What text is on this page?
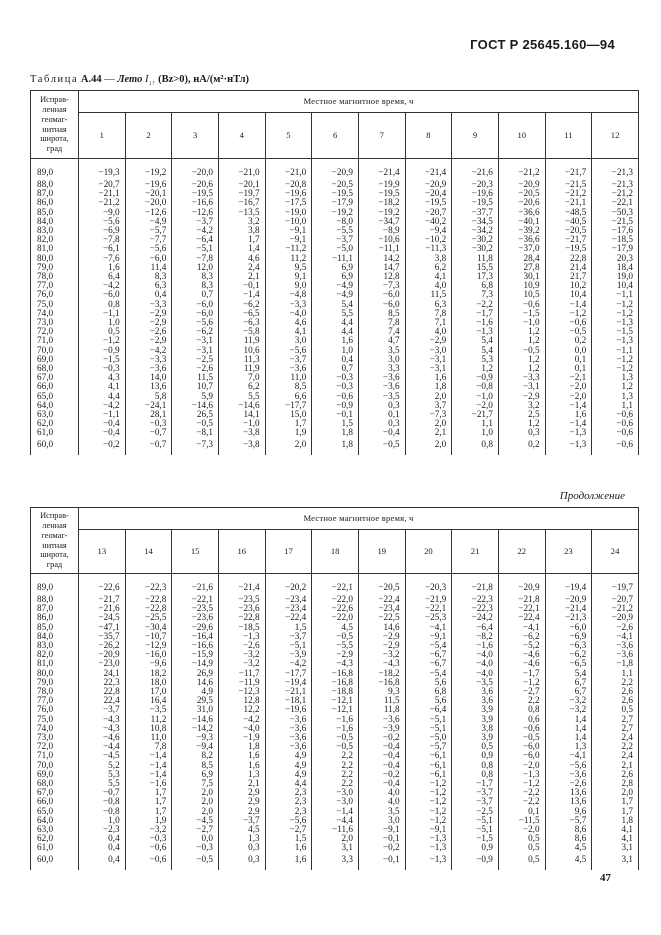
ГОСТ Р 25645.160—94
Таблица А.44 — Лето $I_{↓↑}$ (Bz>0), нА/(м²·нТл)
Исправ-ленная геомаг-нитная широта, град	Местное магнитное время, ч											
	1	2	3	4	5	6	7	8	9	10	11	12
89,0	−19,3	−19,2	−20,0	−21,0	−21,0	−20,9	−21,4	−21,4	−21,6	−21,2	−21,7	−21,3
88,0	−20,7	−19,6	−20,6	−20,1	−20,8	−20,5	−19,9	−20,9	−20,3	−20,9	−21,5	−21,3
87,0	−21,1	−20,1	−19,5	−19,7	−19,6	−19,5	−19,5	−20,4	−19,6	−20,5	−21,2	−21,2
86,0	−21,2	−20,0	−16,6	−16,7	−17,5	−17,9	−18,2	−19,5	−19,5	−20,6	−21,1	−22,1
85,0	−9,0	−12,6	−12,6	−13,5	−19,0	−19,2	−19,2	−20,7	−37,7	−36,6	−48,5	−50,3
84,0	−5,6	−4,9	−3,7	3,2	−10,0	−8,0	−34,7	−40,2	−34,5	−40,1	−40,5	−21,5
83,0	−6,9	−5,7	−4,2	3,8	−9,1	−5,5	−8,9	−9,4	−34,2	−39,2	−20,5	−17,6
82,0	−7,8	−7,7	−6,4	1,7	−9,1	−3,7	−10,6	−10,2	−30,2	−36,6	−21,7	−18,5
81,0	−6,1	−5,6	−5,1	1,4	−11,2	−5,0	−11,1	−11,3	−30,2	−37,0	−19,5	−17,9
80,0	−7,6	−6,0	−7,8	4,6	11,2	−11,1	14,2	3,8	11,8	28,4	22,8	20,3
79,0	1,6	11,4	12,0	2,4	9,5	6,9	14,7	6,2	15,5	27,8	21,4	18,4
78,0	6,4	8,3	8,3	2,1	9,1	6,9	12,8	4,1	17,3	30,1	21,7	19,0
77,0	−4,2	6,3	8,3	−0,1	9,0	−4,9	−7,3	4,0	6,8	10,9	10,2	10,4
76,0	−6,0	0,4	0,7	−1,4	−4,8	−4,9	−6,0	11,5	7,3	10,5	10,4	−1,1
75,0	0,8	−3,3	−6,0	−6,2	−3,3	5,4	−6,0	6,3	−2,2	−0,6	−1,4	−1,2
74,0	−1,1	−2,9	−6,0	−6,5	−4,0	5,5	8,5	7,8	−1,7	−1,5	−1,2	−1,2
73,0	1,0	−2,9	−5,6	−6,3	4,6	4,4	7,8	7,1	−1,6	−1,0	−0,6	−1,3
72,0	0,5	−2,6	−6,2	−5,8	4,1	4,4	7,4	4,0	−1,3	1,2	−0,5	−1,5
71,0	−1,2	−2,9	−3,1	11,9	3,0	1,6	4,7	−2,9	5,4	1,2	0,2	−1,3
70,0	−0,9	−4,2	−3,1	10,6	−5,6	1,0	3,5	−3,0	5,4	−0,5	0,0	−1,1
69,0	−1,5	−3,3	−2,5	11,3	−3,7	0,4	3,0	−3,1	5,3	1,2	0,1	−1,2
68,0	−0,3	−3,6	−2,6	11,9	−3,6	0,7	3,3	−3,1	1,2	1,2	0,1	−1,2
67,0	4,3	14,0	11,5	7,0	11,0	−0,3	−3,6	1,6	−0,9	−3,3	−2,1	1,3
66,0	4,1	13,6	10,7	6,2	8,5	−0,3	−3,6	1,8	−0,8	−3,1	−2,0	1,2
65,0	4,4	5,8	5,9	5,5	6,6	−0,6	−3,5	2,0	−1,0	−2,9	−2,0	1,3
64,0	−4,2	−24,1	−14,6	−14,6	−17,7	−0,9	0,3	3,7	−2,0	3,2	−1,4	1,1
63,0	−1,1	28,1	26,5	14,1	15,0	−0,1	0,1	−7,3	−21,7	2,5	1,6	−0,6
62,0	−0,4	−0,3	−0,5	−1,0	1,7	1,5	0,3	2,0	1,1	1,2	−1,4	−0,6
61,0	−0,4	−0,7	−8,1	−3,8	1,9	1,8	−0,4	2,1	1,0	0,3	−1,3	−0,6
60,0	−0,2	−0,7	−7,3	−3,8	2,0	1,8	−0,5	2,0	0,8	0,2	−1,3	−0,6
Продолжение
Исправ-ленная геомаг-нитная широта, град	Местное магнитное время, ч											
	13	14	15	16	17	18	19	20	21	22	23	24
89,0	−22,6	−22,3	−21,6	−21,4	−20,2	−22,1	−20,5	−20,3	−21,8	−20,9	−19,4	−19,7
88,0	−21,7	−22,8	−22,1	−23,5	−23,4	−22,0	−22,4	−21,9	−22,3	−21,8	−20,9	−20,7
87,0	−21,6	−22,8	−23,5	−23,6	−23,4	−22,6	−23,4	−22,1	−22,3	−22,1	−21,4	−21,2
86,0	−24,5	−25,5	−23,6	−22,8	−22,4	−22,0	−22,5	−25,3	−24,2	−22,4	−21,3	−20,9
85,0	−47,1	−30,4	−29,6	−18,5	1,5	4,5	14,6	−4,1	−6,4	−4,1	−6,0	−2,6
84,0	−35,7	−10,7	−16,4	−1,3	−3,7	−0,5	−2,9	−9,1	−8,2	−6,2	−6,9	−4,1
83,0	−26,2	−12,9	−16,6	−2,6	−5,1	−5,5	−2,9	−5,4	−1,6	−5,2	−6,3	−3,6
82,0	−20,9	−16,0	−15,9	−3,2	−3,9	−2,9	−3,2	−6,7	−4,0	−4,6	−6,2	−3,6
81,0	−23,0	−9,6	−14,9	−3,2	−4,2	−4,3	−4,3	−6,7	−4,0	−4,6	−6,5	−1,8
80,0	24,1	18,2	26,9	−11,7	−17,7	−16,8	−18,2	−5,4	−4,0	−1,7	5,4	1,1
79,0	22,3	18,0	14,6	−11,9	−19,4	−16,8	−16,8	5,6	−3,5	−1,2	6,7	2,2
78,0	22,8	17,0	4,9	−12,3	−21,1	−18,8	9,3	6,8	3,6	−2,7	6,7	2,6
77,0	22,4	16,4	29,5	12,8	−18,1	−12,1	11,5	5,6	3,6	2,2	−3,2	2,6
76,0	−3,7	−3,5	31,0	12,2	−19,6	−12,1	11,8	−6,4	3,9	0,8	−3,2	0,5
75,0	−4,3	11,2	−14,6	−4,2	−3,6	−1,6	−3,6	−5,1	3,9	0,6	1,4	2,7
74,0	−4,3	10,8	−14,2	−4,0	−3,6	−1,6	−3,9	−5,1	3,8	−0,6	1,4	2,7
73,0	−4,6	11,0	−9,3	−1,9	−3,6	−0,5	−0,2	−5,0	3,9	−0,5	1,4	2,4
72,0	−4,4	7,8	−9,4	1,8	−3,6	−0,5	−0,4	−5,7	0,5	−6,0	1,3	2,2
71,0	−4,5	−1,4	8,2	1,6	4,9	2,2	−0,4	−6,1	0,9	−6,0	−4,1	2,4
70,0	5,2	−1,4	8,5	1,6	4,9	2,2	−0,4	−6,1	0,8	−2,0	−5,6	2,1
69,0	5,3	−1,4	6,9	1,3	4,9	2,2	−0,2	−6,1	0,8	−1,3	−3,6	2,6
68,0	5,5	−1,6	7,5	2,1	4,4	2,2	−0,4	−1,2	−1,7	−1,2	−2,6	2,8
67,0	−0,7	1,7	2,0	2,9	2,3	−3,0	4,0	−1,2	−3,7	−2,2	13,6	2,0
66,0	−0,8	1,7	2,0	2,9	2,3	−3,0	4,0	−1,2	−3,7	−2,2	13,6	1,7
65,0	−0,8	1,7	2,0	2,9	2,3	−1,4	3,5	−1,2	−2,5	0,1	9,6	1,7
64,0	1,0	1,9	−4,5	−3,7	−5,6	−4,4	3,0	−1,2	−5,1	−11,5	−5,7	1,8
63,0	−2,3	−3,2	−2,7	4,5	−2,7	−11,6	−9,1	−9,1	−5,1	−2,0	8,6	4,1
62,0	0,4	−0,3	0,0	1,3	1,5	2,0	−0,1	−1,3	−1,5	0,5	8,6	4,1
61,0	0,4	−0,6	−0,3	0,3	1,6	3,1	−0,2	−1,3	0,9	0,5	4,5	3,1
60,0	0,4	−0,6	−0,5	0,3	1,6	3,3	−0,1	−1,3	−0,9	0,5	4,5	3,1
47
